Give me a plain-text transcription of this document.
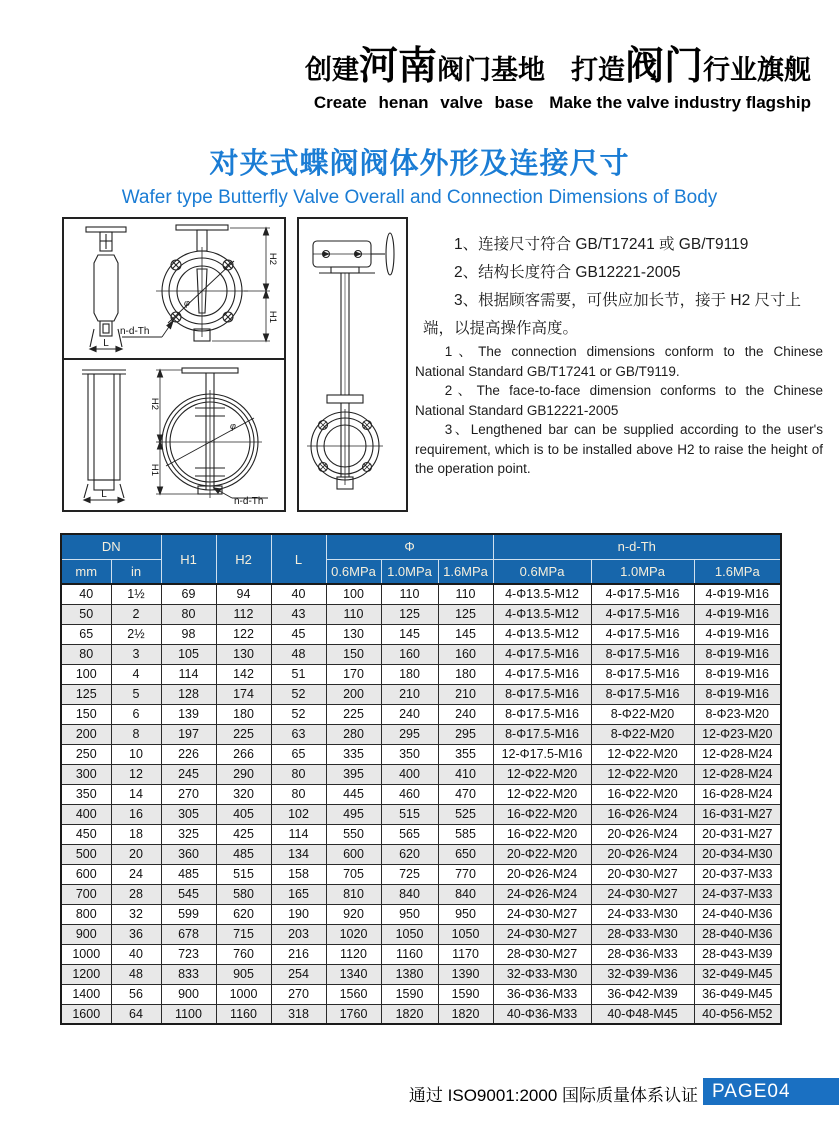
创建河南阀门基地 打造阀门行业旗舰
Create henan valve base Make the valve industry flagship
对夹式蝶阀阀体外形及连接尺寸
Wafer type Butterfly Valve Overall and Connection Dimensions of Body
L
H2
H1
n-d-Th
φ
L
H2
H1
n-d-Th
φ

1、连接尺寸符合 GB/T17241 或 GB/T9119

2、结构长度符合 GB12221-2005

3、根据顾客需要，可供应加长节，接于 H2 尺寸上端，以提高操作高度。

1、The connection dimensions conform to the Chinese National Standard GB/T17241 or GB/T9119.

2、The face-to-face dimension conforms to the Chinese National Standard GB12221-2005

3、Lengthened bar can be supplied according to the user's requirement, which is to be installed above H2 to raise the height of the operation point.

DN		H1	H2	L	Φ			n-d-Th		
mm	in				0.6MPa	1.0MPa	1.6MPa	0.6MPa	1.0MPa	1.6MPa
40	1½	69	94	40	100	110	110	4-Φ13.5-M12	4-Φ17.5-M16	4-Φ19-M16
50	2	80	112	43	110	125	125	4-Φ13.5-M12	4-Φ17.5-M16	4-Φ19-M16
65	2½	98	122	45	130	145	145	4-Φ13.5-M12	4-Φ17.5-M16	4-Φ19-M16
80	3	105	130	48	150	160	160	4-Φ17.5-M16	8-Φ17.5-M16	8-Φ19-M16
100	4	114	142	51	170	180	180	4-Φ17.5-M16	8-Φ17.5-M16	8-Φ19-M16
125	5	128	174	52	200	210	210	8-Φ17.5-M16	8-Φ17.5-M16	8-Φ19-M16
150	6	139	180	52	225	240	240	8-Φ17.5-M16	8-Φ22-M20	8-Φ23-M20
200	8	197	225	63	280	295	295	8-Φ17.5-M16	8-Φ22-M20	12-Φ23-M20
250	10	226	266	65	335	350	355	12-Φ17.5-M16	12-Φ22-M20	12-Φ28-M24
300	12	245	290	80	395	400	410	12-Φ22-M20	12-Φ22-M20	12-Φ28-M24
350	14	270	320	80	445	460	470	12-Φ22-M20	16-Φ22-M20	16-Φ28-M24
400	16	305	405	102	495	515	525	16-Φ22-M20	16-Φ26-M24	16-Φ31-M27
450	18	325	425	114	550	565	585	16-Φ22-M20	20-Φ26-M24	20-Φ31-M27
500	20	360	485	134	600	620	650	20-Φ22-M20	20-Φ26-M24	20-Φ34-M30
600	24	485	515	158	705	725	770	20-Φ26-M24	20-Φ30-M27	20-Φ37-M33
700	28	545	580	165	810	840	840	24-Φ26-M24	24-Φ30-M27	24-Φ37-M33
800	32	599	620	190	920	950	950	24-Φ30-M27	24-Φ33-M30	24-Φ40-M36
900	36	678	715	203	1020	1050	1050	24-Φ30-M27	28-Φ33-M30	28-Φ40-M36
1000	40	723	760	216	1120	1160	1170	28-Φ30-M27	28-Φ36-M33	28-Φ43-M39
1200	48	833	905	254	1340	1380	1390	32-Φ33-M30	32-Φ39-M36	32-Φ49-M45
1400	56	900	1000	270	1560	1590	1590	36-Φ36-M33	36-Φ42-M39	36-Φ49-M45
1600	64	1100	1160	318	1760	1820	1820	40-Φ36-M33	40-Φ48-M45	40-Φ56-M52
通过 ISO9001:2000 国际质量体系认证 PAGE04
